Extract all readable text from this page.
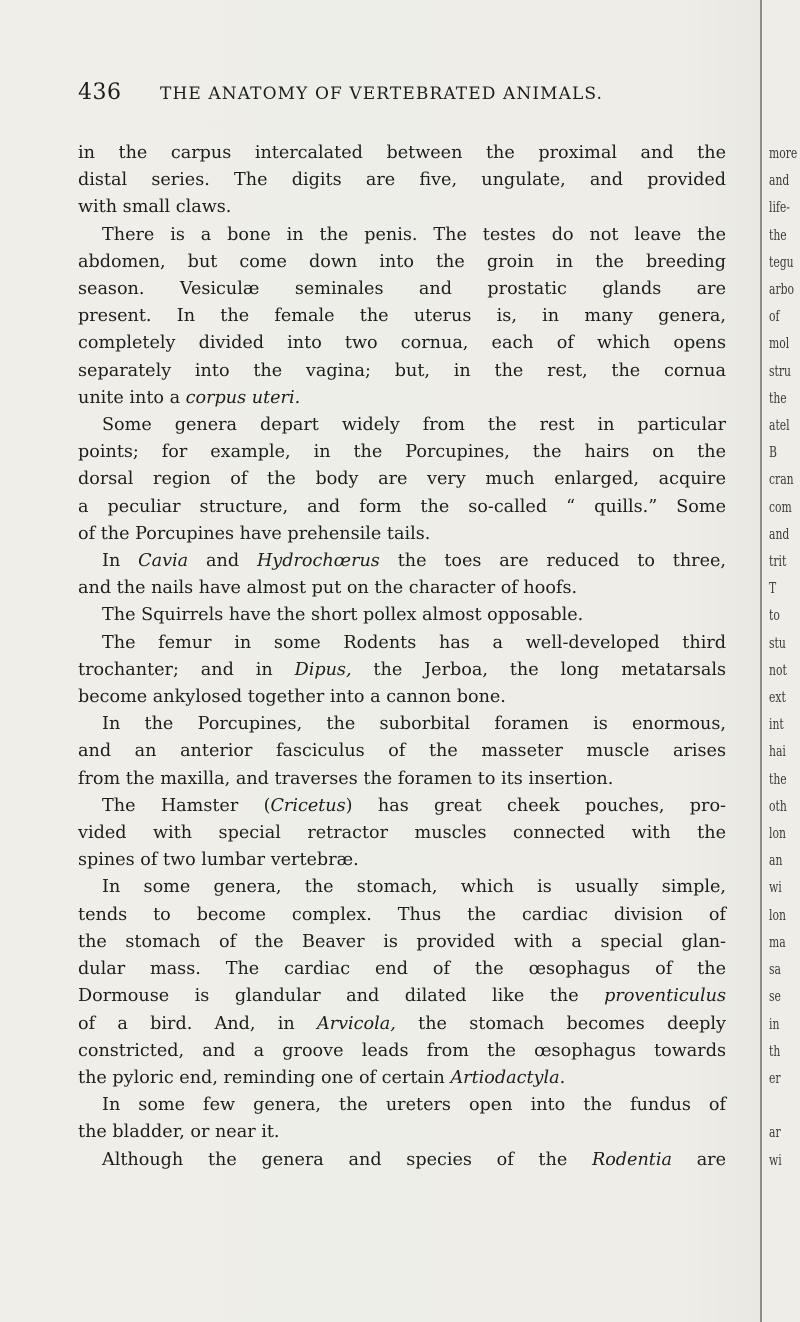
436	THE ANATOMY OF VERTEBRATED ANIMALS.
in the carpus intercalated between the proximal and the
distal series. The digits are five, ungulate, and provided
with small claws.
There is a bone in the penis. The testes do not leave the
abdomen, but come down into the groin in the breeding
season. Vesiculæ seminales and prostatic glands are
present. In the female the uterus is, in many genera,
completely divided into two cornua, each of which opens
separately into the vagina; but, in the rest, the cornua
unite into a corpus uteri.
Some genera depart widely from the rest in particular
points; for example, in the Porcupines, the hairs on the
dorsal region of the body are very much enlarged, acquire
a peculiar structure, and form the so-called “ quills.” Some
of the Porcupines have prehensile tails.
In Cavia and Hydrochœrus the toes are reduced to three,
and the nails have almost put on the character of hoofs.
The Squirrels have the short pollex almost opposable.
The femur in some Rodents has a well-developed third
trochanter; and in Dipus, the Jerboa, the long metatarsals
become ankylosed together into a cannon bone.
In the Porcupines, the suborbital foramen is enormous,
and an anterior fasciculus of the masseter muscle arises
from the maxilla, and traverses the foramen to its insertion.
The Hamster (Cricetus) has great cheek pouches, pro-
vided with special retractor muscles connected with the
spines of two lumbar vertebræ.
In some genera, the stomach, which is usually simple,
tends to become complex. Thus the cardiac division of
the stomach of the Beaver is provided with a special glan-
dular mass. The cardiac end of the œsophagus of the
Dormouse is glandular and dilated like the proventiculus
of a bird. And, in Arvicola, the stomach becomes deeply
constricted, and a groove leads from the œsophagus towards
the pyloric end, reminding one of certain Artiodactyla.
In some few genera, the ureters open into the fundus of
the bladder, or near it.
Although the genera and species of the Rodentia are
more
and
life-
the
tegu
arbo
of
mol
stru
the
atel
B
cran
com
and
trit
T
to
stu
not
ext
int
hai
the
oth
lon
an
wi
lon
ma
sa
se
in
th
er

ar
wi
